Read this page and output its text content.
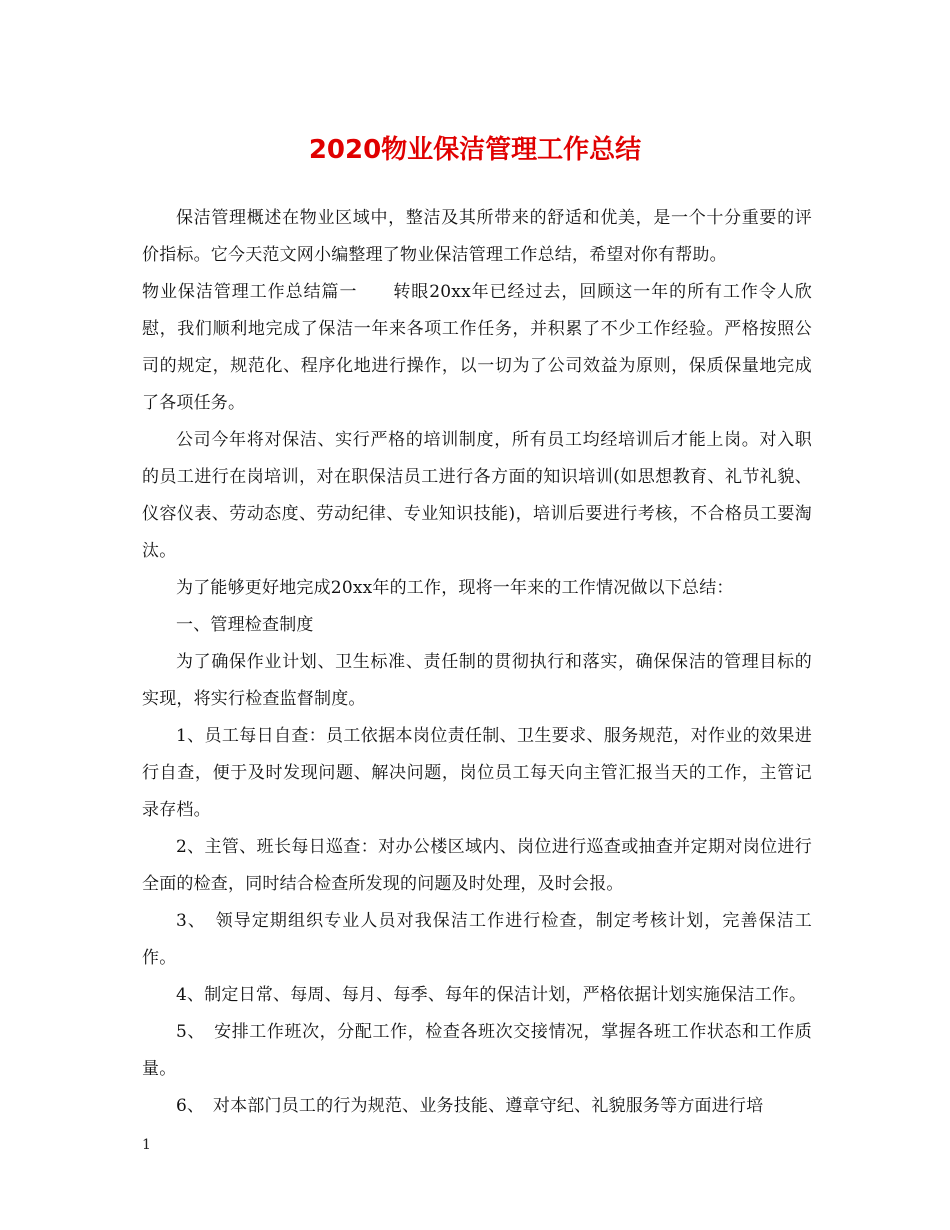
2020物业保洁管理工作总结

保洁管理概述在物业区域中，整洁及其所带来的舒适和优美，是一个十分重要的评价指标。它今天范文网小编整理了物业保洁管理工作总结，希望对你有帮助。

物业保洁管理工作总结篇一　　转眼20xx年已经过去，回顾这一年的所有工作令人欣慰，我们顺利地完成了保洁一年来各项工作任务，并积累了不少工作经验。严格按照公司的规定，规范化、程序化地进行操作，以一切为了公司效益为原则，保质保量地完成了各项任务。

公司今年将对保洁、实行严格的培训制度，所有员工均经培训后才能上岗。对入职的员工进行在岗培训，对在职保洁员工进行各方面的知识培训(如思想教育、礼节礼貌、仪容仪表、劳动态度、劳动纪律、专业知识技能)，培训后要进行考核，不合格员工要淘汰。

为了能够更好地完成20xx年的工作，现将一年来的工作情况做以下总结：

一、管理检查制度

为了确保作业计划、卫生标准、责任制的贯彻执行和落实，确保保洁的管理目标的实现，将实行检查监督制度。

1、员工每日自查：员工依据本岗位责任制、卫生要求、服务规范，对作业的效果进行自查，便于及时发现问题、解决问题，岗位员工每天向主管汇报当天的工作，主管记录存档。

2、主管、班长每日巡查：对办公楼区域内、岗位进行巡查或抽查并定期对岗位进行全面的检查，同时结合检查所发现的问题及时处理，及时会报。

3、　领导定期组织专业人员对我保洁工作进行检查，制定考核计划，完善保洁工作。

4、制定日常、每周、每月、每季、每年的保洁计划，严格依据计划实施保洁工作。

5、　安排工作班次，分配工作，检查各班次交接情况，掌握各班工作状态和工作质量。

6、　对本部门员工的行为规范、业务技能、遵章守纪、礼貌服务等方面进行培

1
